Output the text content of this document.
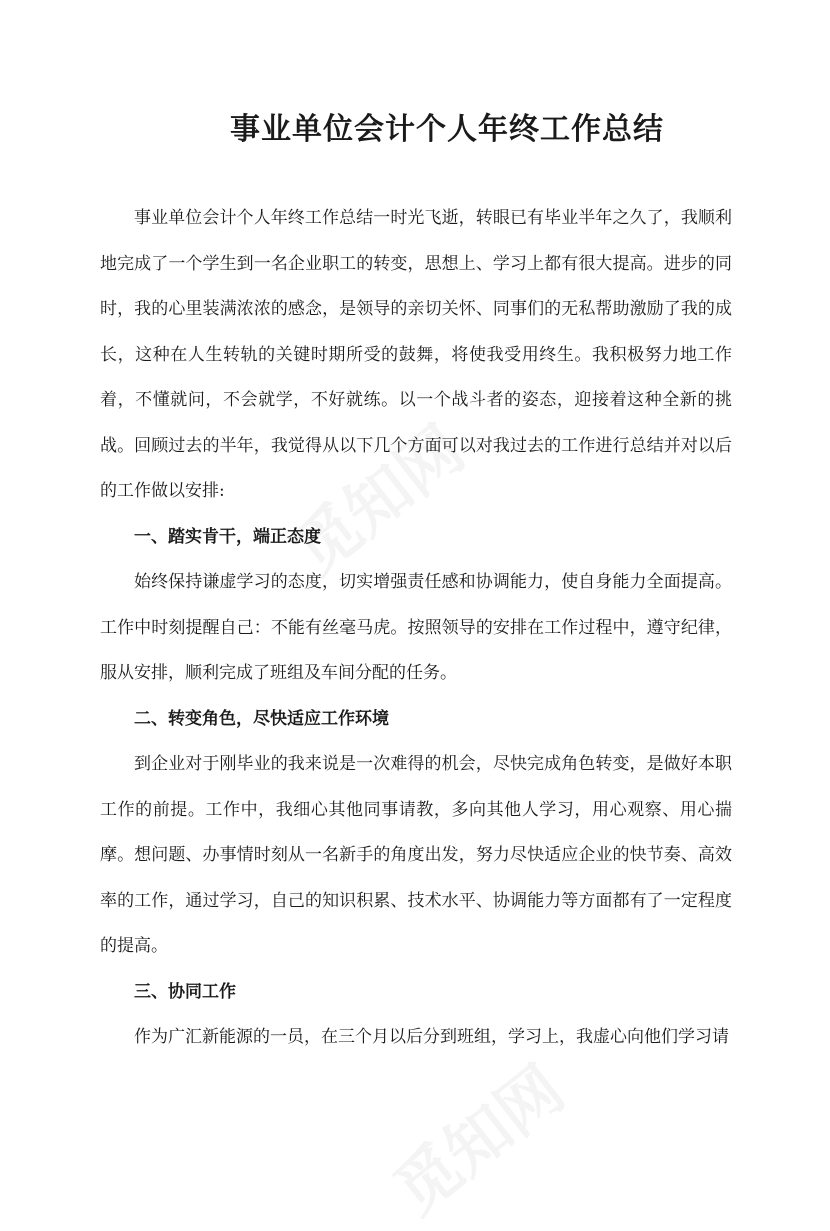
事业单位会计个人年终工作总结

事业单位会计个人年终工作总结一时光飞逝，转眼已有毕业半年之久了，我顺利地完成了一个学生到一名企业职工的转变，思想上、学习上都有很大提高。进步的同时，我的心里装满浓浓的感念，是领导的亲切关怀、同事们的无私帮助激励了我的成长，这种在人生转轨的关键时期所受的鼓舞，将使我受用终生。我积极努力地工作着，不懂就问，不会就学，不好就练。以一个战斗者的姿态，迎接着这种全新的挑战。回顾过去的半年，我觉得从以下几个方面可以对我过去的工作进行总结并对以后的工作做以安排:

一、踏实肯干，端正态度

始终保持谦虚学习的态度，切实增强责任感和协调能力，使自身能力全面提高。工作中时刻提醒自己：不能有丝毫马虎。按照领导的安排在工作过程中，遵守纪律，服从安排，顺利完成了班组及车间分配的任务。

二、转变角色，尽快适应工作环境

到企业对于刚毕业的我来说是一次难得的机会，尽快完成角色转变，是做好本职工作的前提。工作中，我细心其他同事请教，多向其他人学习，用心观察、用心揣摩。想问题、办事情时刻从一名新手的角度出发，努力尽快适应企业的快节奏、高效率的工作，通过学习，自己的知识积累、技术水平、协调能力等方面都有了一定程度的提高。

三、协同工作

作为广汇新能源的一员，在三个月以后分到班组，学习上，我虚心向他们学习请
